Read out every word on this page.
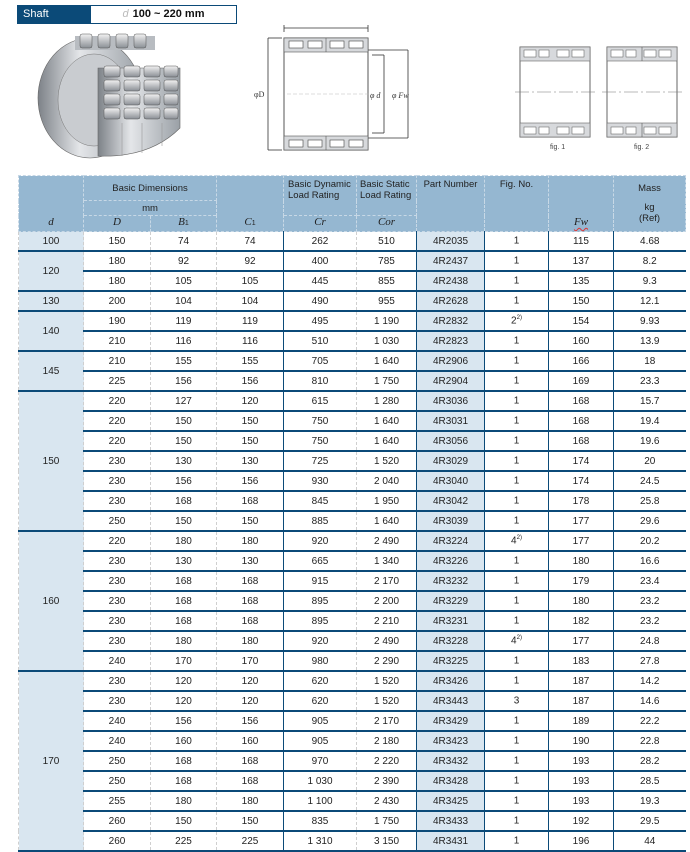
Shaft diameter
d 100 ~ 220 mm
φD	φ d φ Fw
fig. 1	fig. 2
d	Basic Dimensions		C1	Basic Dynamic Load Rating	Basic Static Load Rating	Part Number	Fig. No.	Fw	Mass
kg
(Ref)

	mm								
	D	B1		Cr	Cor				
100	150	74	74	262	510	4R2035	1	115	4.68
120	180	92	92	400	785	4R2437	1	137	8.2
	180	105	105	445	855	4R2438	1	135	9.3
130	200	104	104	490	955	4R2628	1	150	12.1
140	190	119	119	495	1 190	4R2832	2$^{2)}$	154	9.93
	210	116	116	510	1 030	4R2823	1	160	13.9
145	210	155	155	705	1 640	4R2906	1	166	18
	225	156	156	810	1 750	4R2904	1	169	23.3
150	220	127	120	615	1 280	4R3036	1	168	15.7
	220	150	150	750	1 640	4R3031	1	168	19.4
	220	150	150	750	1 640	4R3056	1	168	19.6
	230	130	130	725	1 520	4R3029	1	174	20
	230	156	156	930	2 040	4R3040	1	174	24.5
	230	168	168	845	1 950	4R3042	1	178	25.8
	250	150	150	885	1 640	4R3039	1	177	29.6
160	220	180	180	920	2 490	4R3224	4$^{2)}$	177	20.2
	230	130	130	665	1 340	4R3226	1	180	16.6
	230	168	168	915	2 170	4R3232	1	179	23.4
	230	168	168	895	2 200	4R3229	1	180	23.2
	230	168	168	895	2 210	4R3231	1	182	23.2
	230	180	180	920	2 490	4R3228	4$^{2)}$	177	24.8
	240	170	170	980	2 290	4R3225	1	183	27.8
170	230	120	120	620	1 520	4R3426	1	187	14.2
	230	120	120	620	1 520	4R3443	3	187	14.6
	240	156	156	905	2 170	4R3429	1	189	22.2
	240	160	160	905	2 180	4R3423	1	190	22.8
	250	168	168	970	2 220	4R3432	1	193	28.2
	250	168	168	1 030	2 390	4R3428	1	193	28.5
	255	180	180	1 100	2 430	4R3425	1	193	19.3
	260	150	150	835	1 750	4R3433	1	192	29.5
	260	225	225	1 310	3 150	4R3431	1	196	44
